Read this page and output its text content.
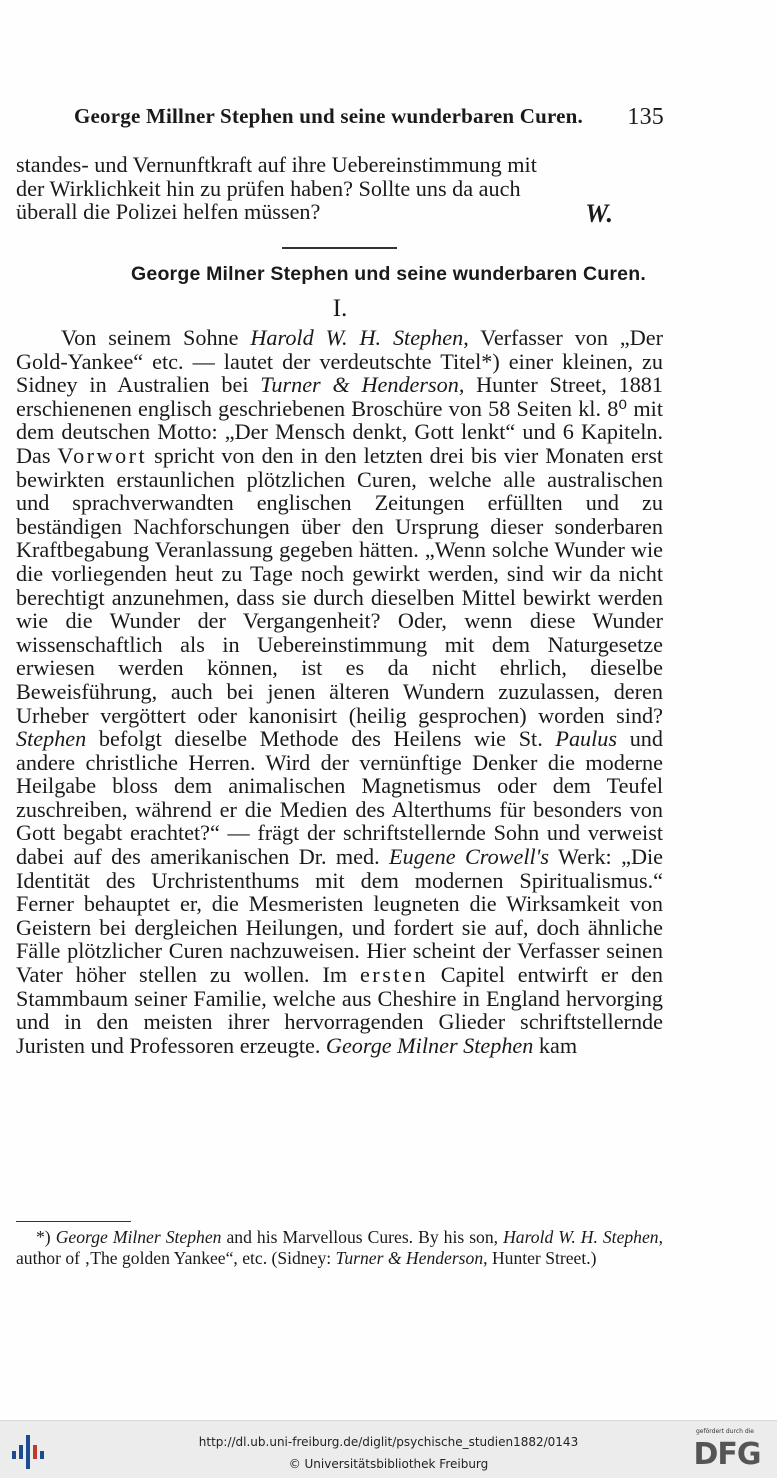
George Millner Stephen und seine wunderbaren Curen. 135
standes- und Vernunftkraft auf ihre Uebereinstimmung mit
der Wirklichkeit hin zu prüfen haben? Sollte uns da auch
überall die Polizei helfen müssen?	W.
George Milner Stephen und seine wunderbaren Curen.
I.

Von seinem Sohne Harold W. H. Stephen, Verfasser von „Der Gold-Yankee“ etc. — lautet der verdeutschte Titel*) einer kleinen, zu Sidney in Australien bei Turner & Henderson, Hunter Street, 1881 erschienenen englisch geschriebenen Broschüre von 58 Seiten kl. 8⁰ mit dem deutschen Motto: „Der Mensch denkt, Gott lenkt“ und 6 Kapiteln. Das Vorwort spricht von den in den letzten drei bis vier Monaten erst bewirkten erstaunlichen plötzlichen Curen, welche alle australischen und sprachverwandten englischen Zeitungen erfüllten und zu beständigen Nachforschungen über den Ursprung dieser sonderbaren Kraftbegabung Veranlassung gegeben hätten. „Wenn solche Wunder wie die vorliegenden heut zu Tage noch gewirkt werden, sind wir da nicht berechtigt anzunehmen, dass sie durch dieselben Mittel bewirkt werden wie die Wunder der Vergangenheit? Oder, wenn diese Wunder wissenschaftlich als in Uebereinstimmung mit dem Naturgesetze erwiesen werden können, ist es da nicht ehrlich, dieselbe Beweisführung, auch bei jenen älteren Wundern zuzulassen, deren Urheber vergöttert oder kanonisirt (heilig gesprochen) worden sind? Stephen befolgt dieselbe Methode des Heilens wie St. Paulus und andere christliche Herren. Wird der vernünftige Denker die moderne Heilgabe bloss dem animalischen Magnetismus oder dem Teufel zuschreiben, während er die Medien des Alterthums für besonders von Gott begabt erachtet?“ — frägt der schriftstellernde Sohn und verweist dabei auf des amerikanischen Dr. med. Eugene Crowell's Werk: „Die Identität des Urchristenthums mit dem modernen Spiritualismus.“ Ferner behauptet er, die Mesmeristen leugneten die Wirksamkeit von Geistern bei dergleichen Heilungen, und fordert sie auf, doch ähnliche Fälle plötzlicher Curen nachzuweisen. Hier scheint der Verfasser seinen Vater höher stellen zu wollen. Im ersten Capitel entwirft er den Stammbaum seiner Familie, welche aus Cheshire in England hervorging und in den meisten ihrer hervorragenden Glieder schriftstellernde Juristen und Professoren erzeugte. George Milner Stephen kam

*) George Milner Stephen and his Marvellous Cures. By his son, Harold W. H. Stephen, author of ‚The golden Yankee“, etc. (Sidney: Turner & Henderson, Hunter Street.)

http://dl.ub.uni-freiburg.de/diglit/psychische_studien1882/0143
© Universitätsbibliothek Freiburg
gefördert durch die
DFG
